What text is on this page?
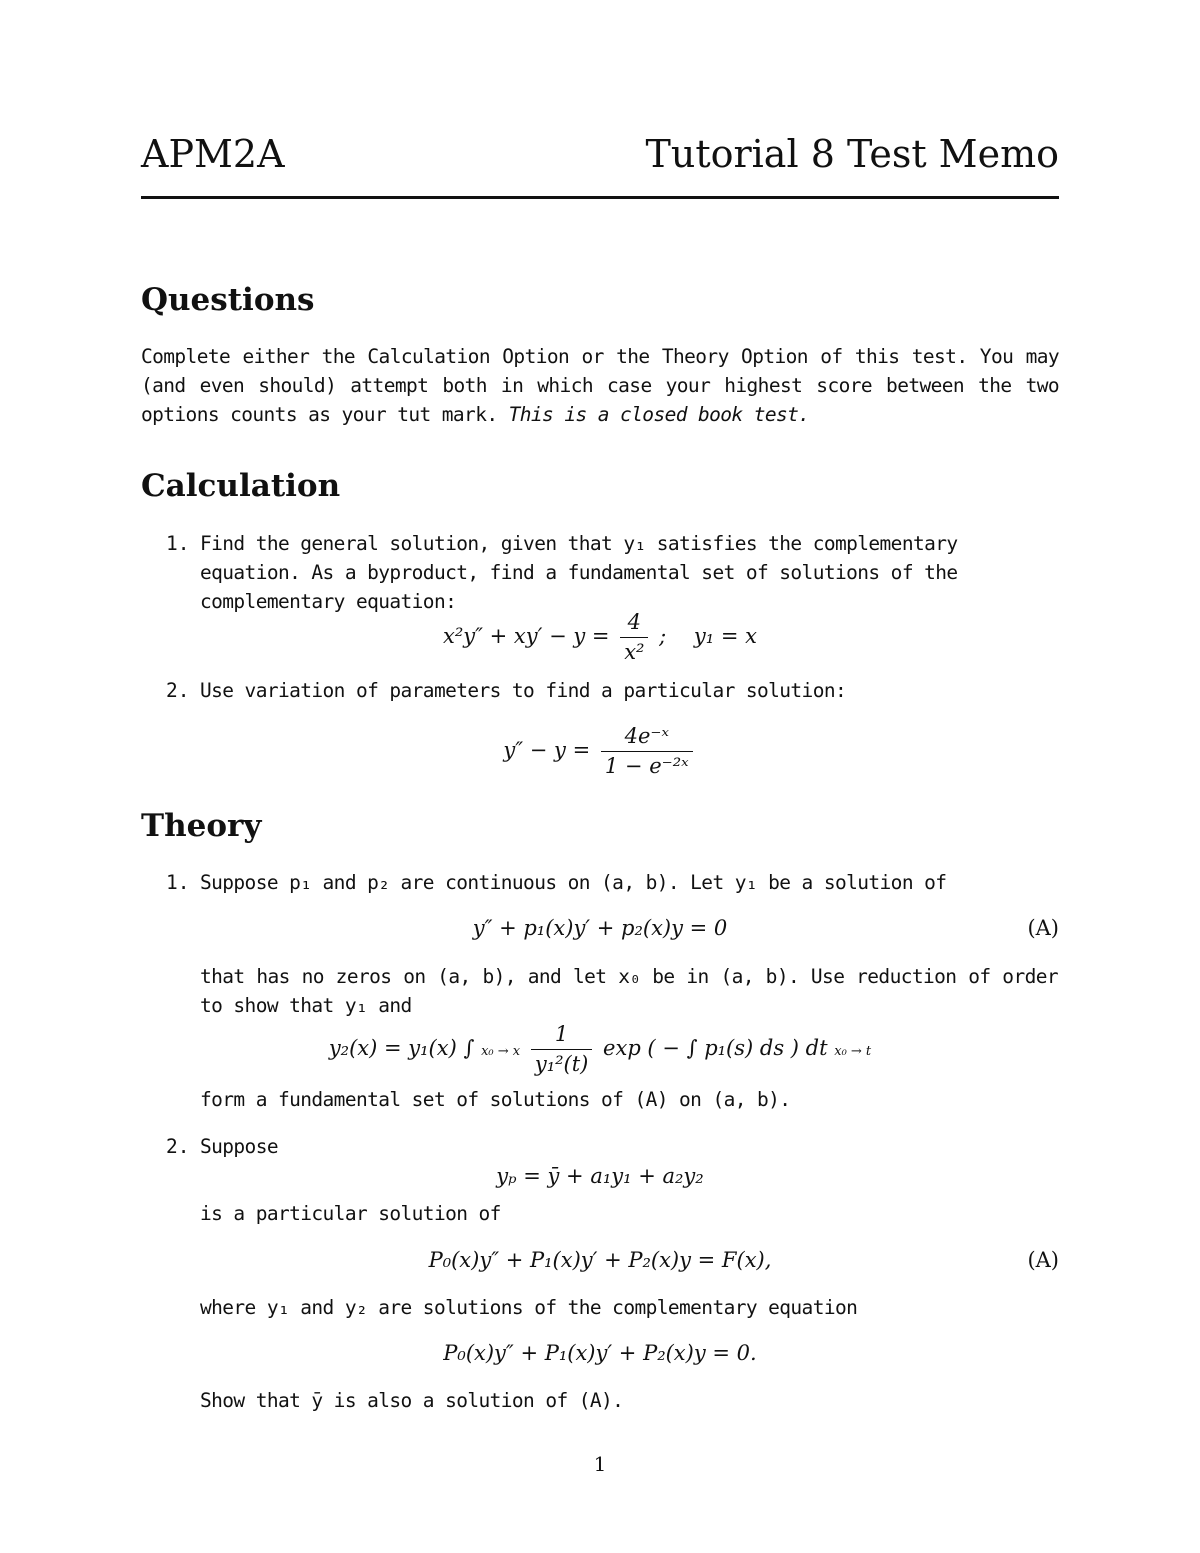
APM2A	Tutorial 8 Test Memo
Questions
Complete either the Calculation Option or the Theory Option of this test. You may (and even should) attempt both in which case your highest score between the two options counts as your tut mark. This is a closed book test.
Calculation
1. Find the general solution, given that y₁ satisfies the complementary equation. As a byproduct, find a fundamental set of solutions of the complementary equation:
$x^2y'' + xy' - y = \frac{4}{\text{x²}}$ ;  y₁ = x
2. Use variation of parameters to find a particular solution:
$y'' - y = \frac{\text{4e⁻ˣ}}{\text{1 − e⁻²ˣ}}$
Theory
1. Suppose p₁ and p₂ are continuous on (a, b). Let y₁ be a solution of
y″ + p₁(x)y′ + p₂(x)y = 0	(A)
that has no zeros on (a, b), and let x₀ be in (a, b). Use reduction of order to show that y₁ and
y₂(x) = y₁(x) ∫ x₀ → x $\frac{1}{\text{y₁²(t)}}$ exp ( − ∫ p₁(s) ds ) dt x₀ → t
form a fundamental set of solutions of (A) on (a, b).
2. Suppose
yₚ = ȳ + a₁y₁ + a₂y₂
is a particular solution of
P₀(x)y″ + P₁(x)y′ + P₂(x)y = F(x),	(A)
where y₁ and y₂ are solutions of the complementary equation
P₀(x)y″ + P₁(x)y′ + P₂(x)y = 0.
Show that ȳ is also a solution of (A).
1
